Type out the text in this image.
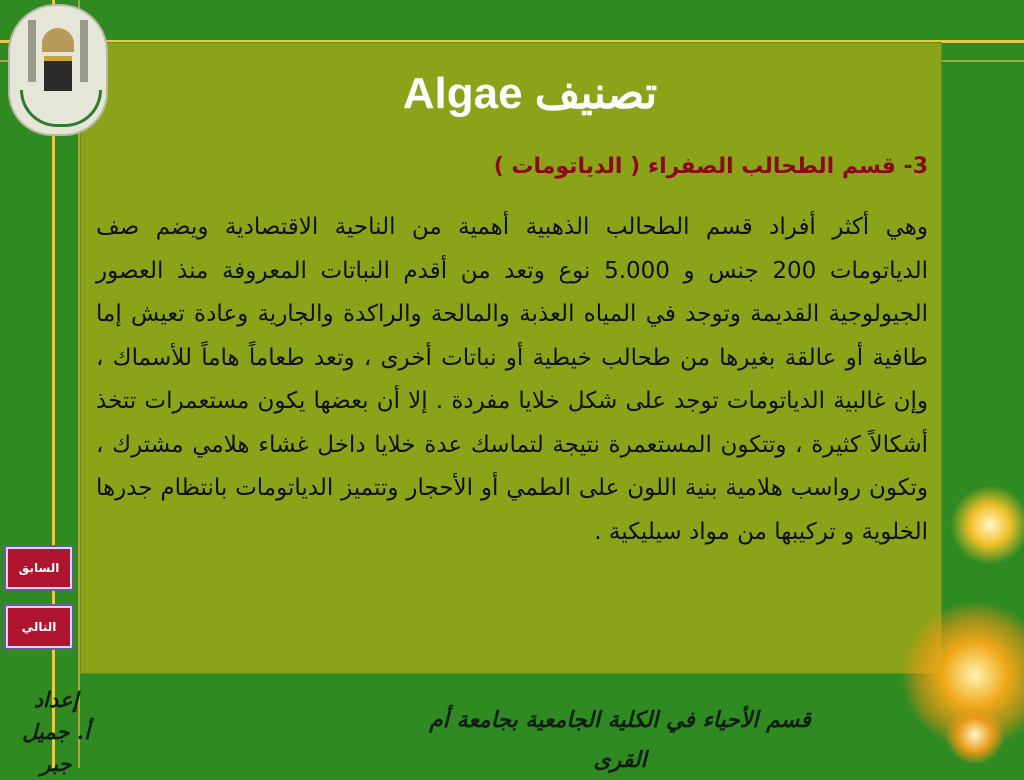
تصنيف Algae
3- قسم الطحالب الصفراء ( الدياتومات )
وهي أكثر أفراد قسم الطحالب الذهبية أهمية من الناحية الاقتصادية ويضم صف الدياتومات 200 جنس و 5.000 نوع وتعد من أقدم النباتات المعروفة منذ العصور الجيولوجية القديمة وتوجد في المياه العذبة والمالحة والراكدة والجارية وعادة تعيش إما طافية أو عالقة بغيرها من طحالب خيطية أو نباتات أخرى ، وتعد طعاماً هاماً للأسماك ، وإن غالبية الدياتومات توجد على شكل خلايا مفردة . إلا أن بعضها يكون مستعمرات تتخذ أشكالاً كثيرة ، وتتكون المستعمرة نتيجة لتماسك عدة خلايا داخل غشاء هلامي مشترك ، وتكون رواسب هلامية بنية اللون على الطمي أو الأحجار وتتميز الدياتومات بانتظام جدرها الخلوية و تركيبها من مواد سيليكية .
السابق
التالي
إعداد
أ. جميل جبر
قسم الأحياء في الكلية الجامعية بجامعة أم القرى
